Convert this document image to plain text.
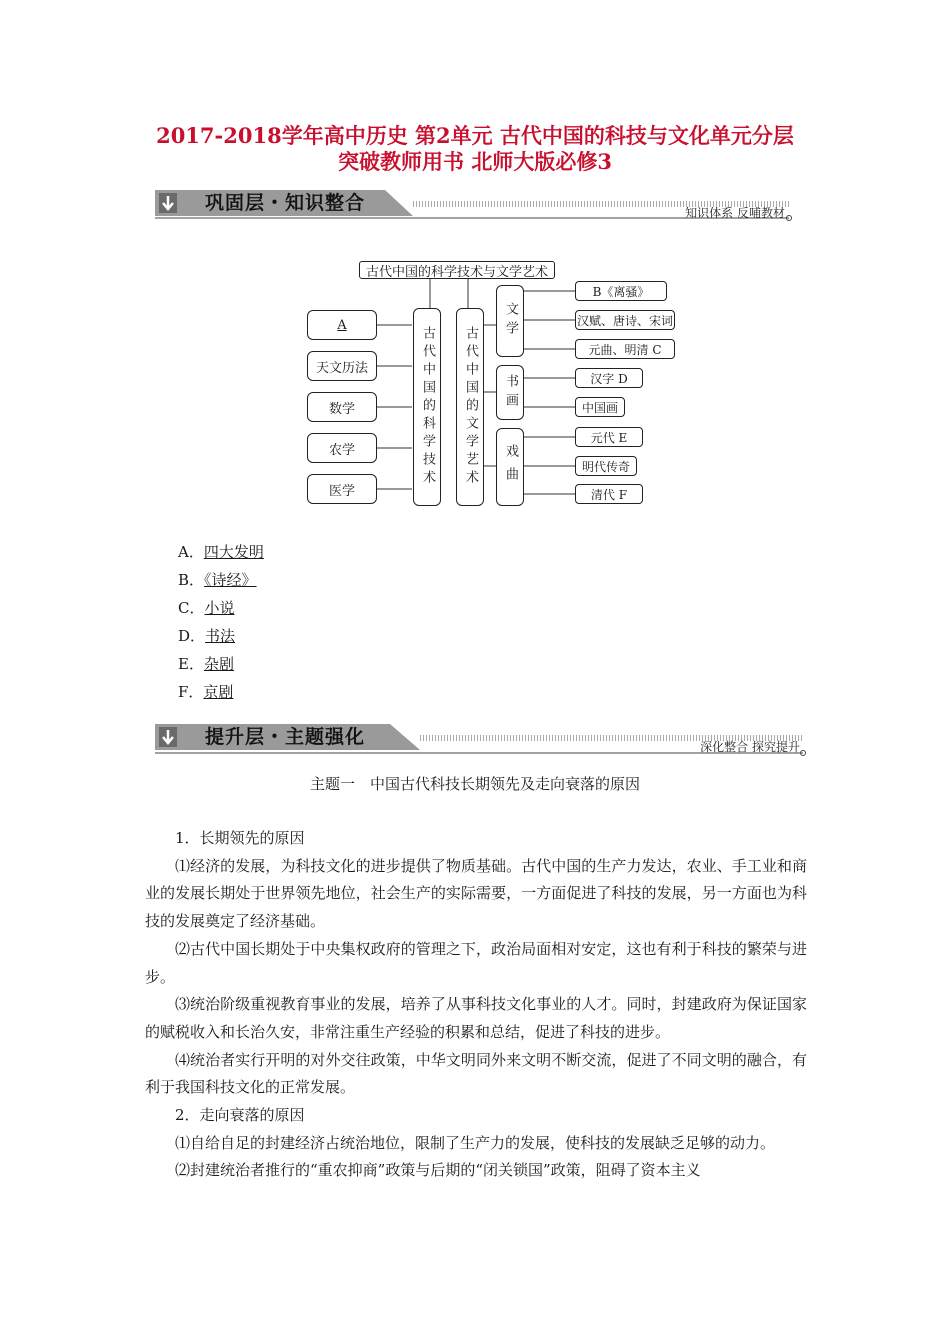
2017-2018学年高中历史 第2单元 古代中国的科技与文化单元分层
突破教师用书 北师大版必修3
巩固层・知识整合	知识体系 反哺教材
古代中国的科学技术与文学艺术
A
天文历法
数学
农学
医学
古代中国的科学技术 古代中国的文学艺术
文学
书画
戏曲
B《离骚》
汉赋、唐诗、宋词
元曲、明清 C
汉字 D
中国画
元代 E
明代传奇
清代 F
A．四大发明
B．《诗经》
C．小说
D．书法
E．杂剧
F．京剧
提升层・主题强化	深化整合 探究提升
主题一　中国古代科技长期领先及走向衰落的原因

1．长期领先的原因

⑴经济的发展，为科技文化的进步提供了物质基础。古代中国的生产力发达，农业、手工业和商业的发展长期处于世界领先地位，社会生产的实际需要，一方面促进了科技的发展，另一方面也为科技的发展奠定了经济基础。

⑵古代中国长期处于中央集权政府的管理之下，政治局面相对安定，这也有利于科技的繁荣与进步。

⑶统治阶级重视教育事业的发展，培养了从事科技文化事业的人才。同时，封建政府为保证国家的赋税收入和长治久安，非常注重生产经验的积累和总结，促进了科技的进步。

⑷统治者实行开明的对外交往政策，中华文明同外来文明不断交流，促进了不同文明的融合，有利于我国科技文化的正常发展。

2．走向衰落的原因

⑴自给自足的封建经济占统治地位，限制了生产力的发展，使科技的发展缺乏足够的动力。

⑵封建统治者推行的“重农抑商”政策与后期的“闭关锁国”政策，阻碍了资本主义
